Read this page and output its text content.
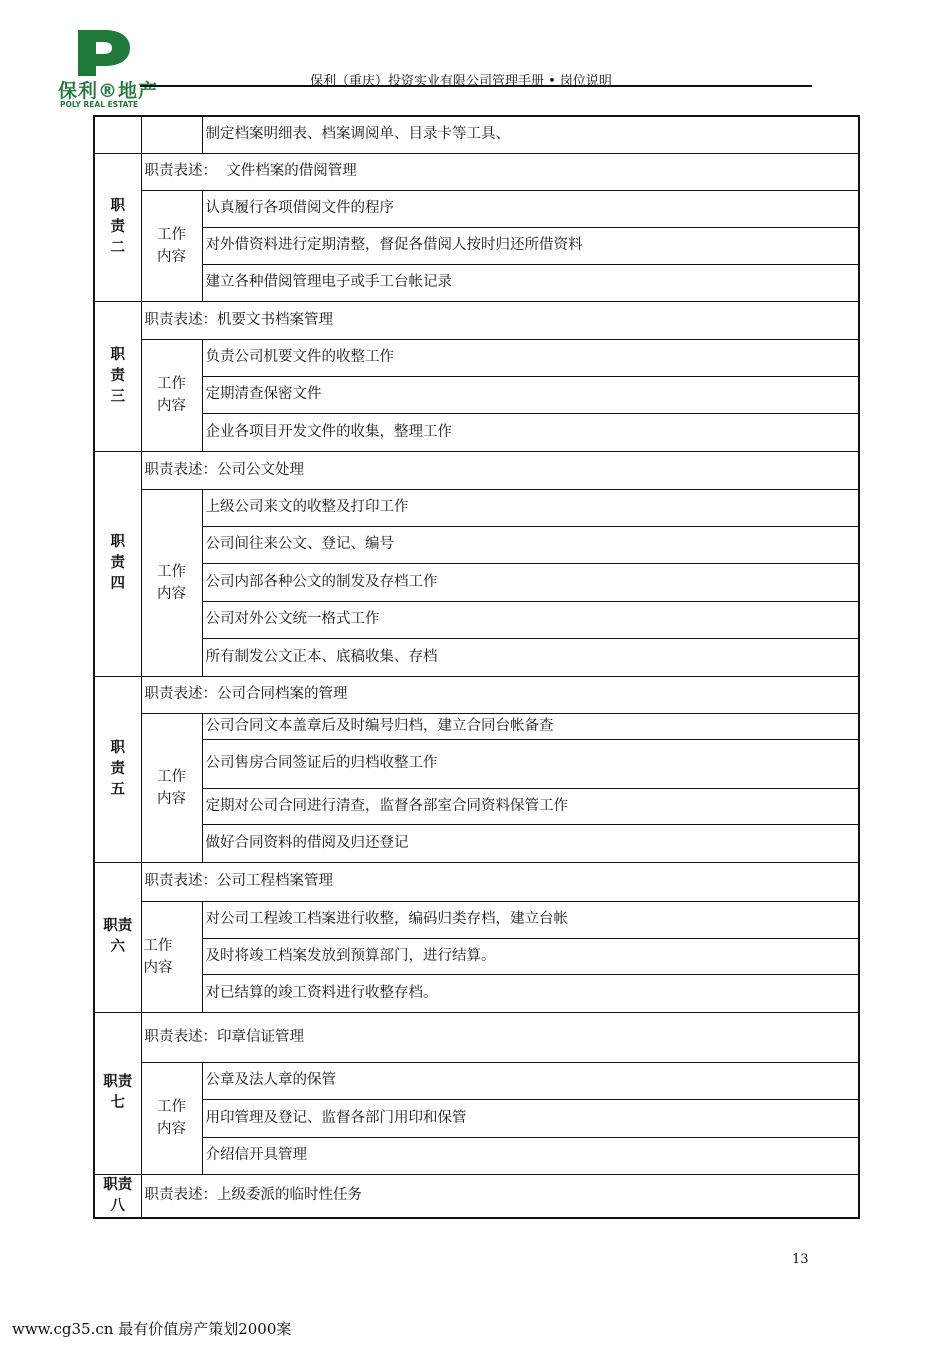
保利®地产
POLY REAL ESTATE
保利（重庆）投资实业有限公司管理手册 • 岗位说明
		制定档案明细表、档案调阅单、目录卡等工具、
职责二	职责表述：  文件档案的借阅管理	
	工作内容	认真履行各项借阅文件的程序
		对外借资料进行定期清整，督促各借阅人按时归还所借资料
		建立各种借阅管理电子或手工台帐记录
职责三	职责表述：机要文书档案管理	
	工作内容	负责公司机要文件的收整工作
		定期清查保密文件
		企业各项目开发文件的收集，整理工作
职责四	职责表述：公司公文处理	
	工作内容	上级公司来文的收整及打印工作
		公司间往来公文、登记、编号
		公司内部各种公文的制发及存档工作
		公司对外公文统一格式工作
		所有制发公文正本、底稿收集、存档
职责五	职责表述：公司合同档案的管理	
	工作内容	公司合同文本盖章后及时编号归档，建立合同台帐备查
		公司售房合同签证后的归档收整工作
		定期对公司合同进行清查，监督各部室合同资料保管工作
		做好合同资料的借阅及归还登记
职责六	职责表述：公司工程档案管理	
	工作内容	对公司工程竣工档案进行收整，编码归类存档，建立台帐
		及时将竣工档案发放到预算部门，进行结算。
		对已结算的竣工资料进行收整存档。
职责七	职责表述：印章信证管理	
	工作内容	公章及法人章的保管
		用印管理及登记、监督各部门用印和保管
		介绍信开具管理
职责八	职责表述：上级委派的临时性任务	
13
www.cg35.cn 最有价值房产策划2000案
